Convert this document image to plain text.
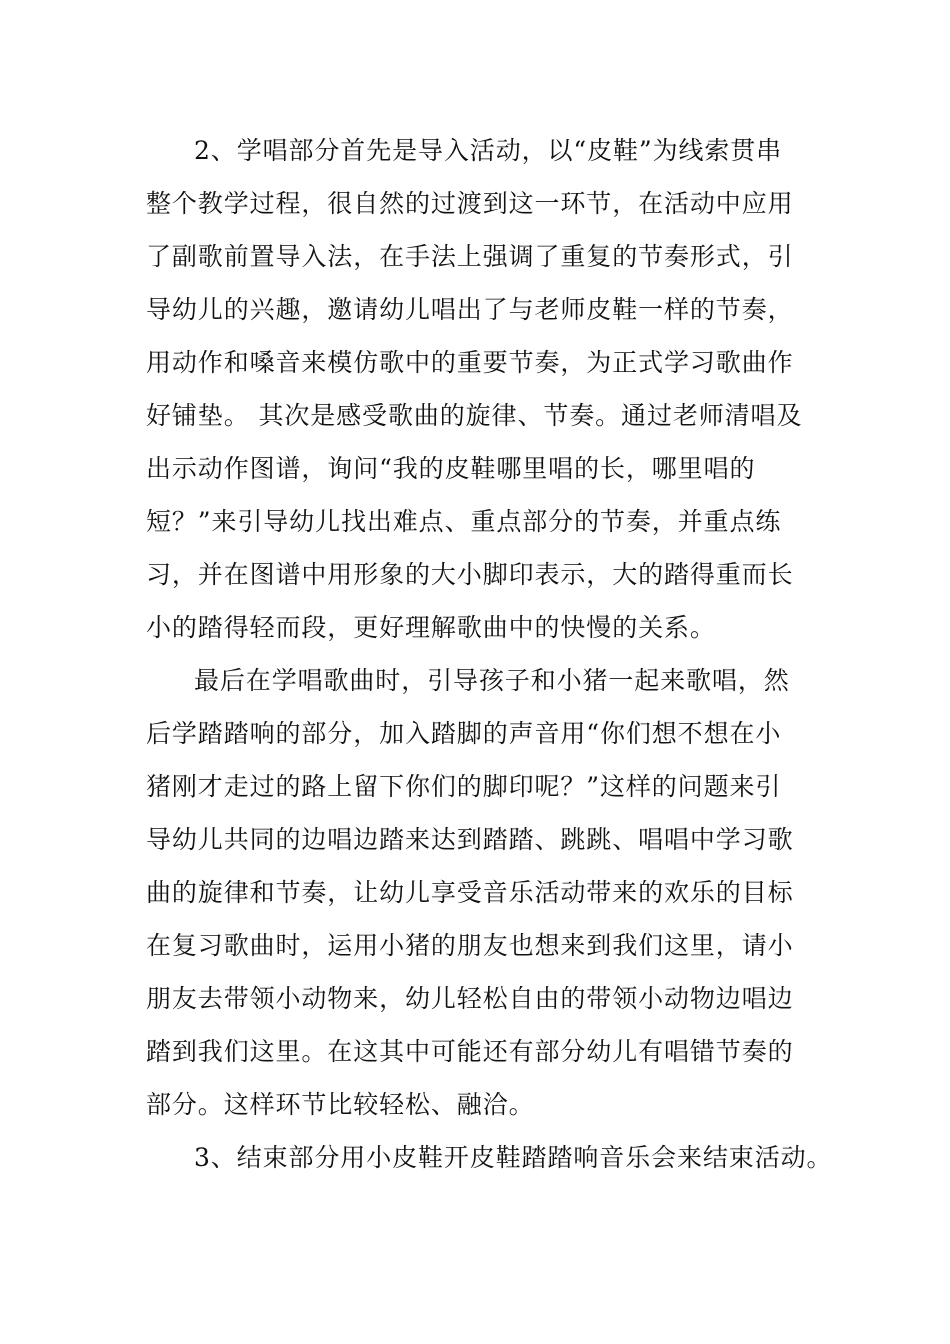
2、学唱部分首先是导入活动，以“皮鞋”为线索贯串
整个教学过程，很自然的过渡到这一环节，在活动中应用
了副歌前置导入法，在手法上强调了重复的节奏形式，引
导幼儿的兴趣，邀请幼儿唱出了与老师皮鞋一样的节奏，
用动作和嗓音来模仿歌中的重要节奏，为正式学习歌曲作
好铺垫。 其次是感受歌曲的旋律、节奏。通过老师清唱及
出示动作图谱，询问“我的皮鞋哪里唱的长，哪里唱的
短？”来引导幼儿找出难点、重点部分的节奏，并重点练
习，并在图谱中用形象的大小脚印表示，大的踏得重而长
小的踏得轻而段，更好理解歌曲中的快慢的关系。
最后在学唱歌曲时，引导孩子和小猪一起来歌唱，然
后学踏踏响的部分，加入踏脚的声音用“你们想不想在小
猪刚才走过的路上留下你们的脚印呢？”这样的问题来引
导幼儿共同的边唱边踏来达到踏踏、跳跳、唱唱中学习歌
曲的旋律和节奏，让幼儿享受音乐活动带来的欢乐的目标
在复习歌曲时，运用小猪的朋友也想来到我们这里，请小
朋友去带领小动物来，幼儿轻松自由的带领小动物边唱边
踏到我们这里。在这其中可能还有部分幼儿有唱错节奏的
部分。这样环节比较轻松、融洽。
3、结束部分用小皮鞋开皮鞋踏踏响音乐会来结束活动。
